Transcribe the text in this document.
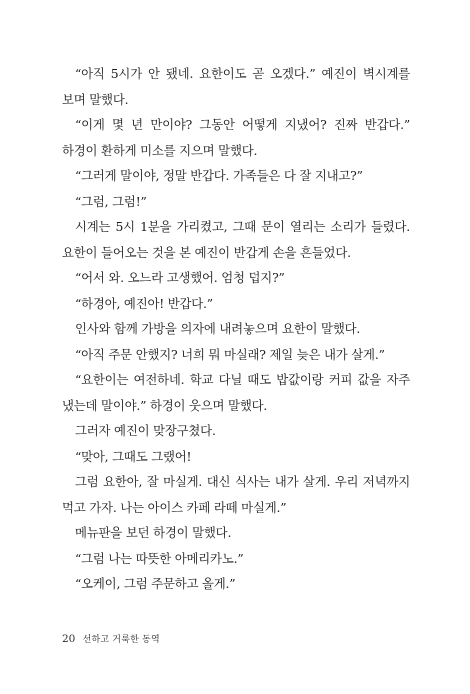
“아직 5시가 안 됐네. 요한이도 곧 오겠다.” 예진이 벽시계를 보며 말했다.

“이게 몇 년 만이야? 그동안 어떻게 지냈어? 진짜 반갑다.” 하경이 환하게 미소를 지으며 말했다.

“그러게 말이야, 정말 반갑다. 가족들은 다 잘 지내고?”

“그럼, 그럼!”

시계는 5시 1분을 가리켰고, 그때 문이 열리는 소리가 들렸다. 요한이 들어오는 것을 본 예진이 반갑게 손을 흔들었다.

“어서 와. 오느라 고생했어. 엄청 덥지?”

“하경아, 예진아! 반갑다.”

인사와 함께 가방을 의자에 내려놓으며 요한이 말했다.

“아직 주문 안했지? 너희 뭐 마실래? 제일 늦은 내가 살게.”

“요한이는 여전하네. 학교 다닐 때도 밥값이랑 커피 값을 자주 냈는데 말이야.” 하경이 웃으며 말했다.

그러자 예진이 맞장구쳤다.

“맞아, 그때도 그랬어!

그럼 요한아, 잘 마실게. 대신 식사는 내가 살게. 우리 저녁까지 먹고 가자. 나는 아이스 카페 라떼 마실게.”

메뉴판을 보던 하경이 말했다.

“그럼 나는 따뜻한 아메리카노.”

“오케이, 그럼 주문하고 올게.”

20 선하고 거룩한 동역
